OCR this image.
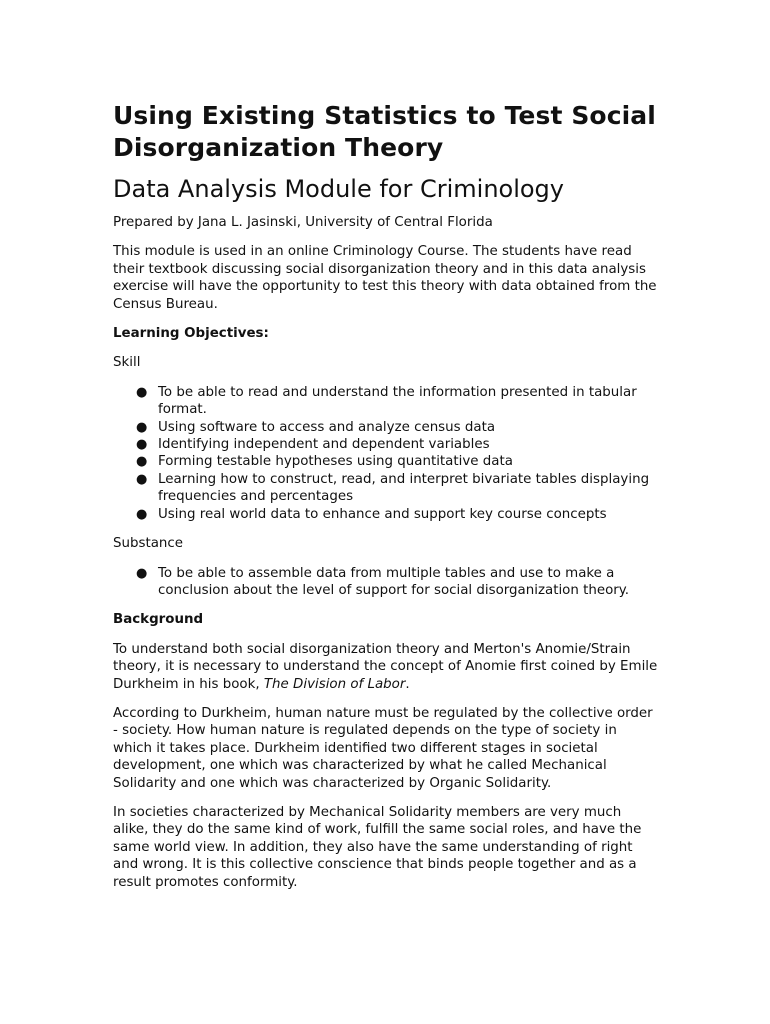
Using Existing Statistics to Test Social Disorganization Theory
Data Analysis Module for Criminology

Prepared by Jana L. Jasinski, University of Central Florida

This module is used in an online Criminology Course. The students have read their textbook discussing social disorganization theory and in this data analysis exercise will have the opportunity to test this theory with data obtained from the Census Bureau.

Learning Objectives:

Skill

● To be able to read and understand the information presented in tabular format.
● Using software to access and analyze census data
● Identifying independent and dependent variables
● Forming testable hypotheses using quantitative data
● Learning how to construct, read, and interpret bivariate tables displaying frequencies and percentages
● Using real world data to enhance and support key course concepts

Substance

● To be able to assemble data from multiple tables and use to make a conclusion about the level of support for social disorganization theory.

Background

To understand both social disorganization theory and Merton's Anomie/Strain theory, it is necessary to understand the concept of Anomie first coined by Emile Durkheim in his book, The Division of Labor.

According to Durkheim, human nature must be regulated by the collective order - society. How human nature is regulated depends on the type of society in which it takes place. Durkheim identified two different stages in societal development, one which was characterized by what he called Mechanical Solidarity and one which was characterized by Organic Solidarity.

In societies characterized by Mechanical Solidarity members are very much alike, they do the same kind of work, fulfill the same social roles, and have the same world view. In addition, they also have the same understanding of right and wrong. It is this collective conscience that binds people together and as a result promotes conformity.
